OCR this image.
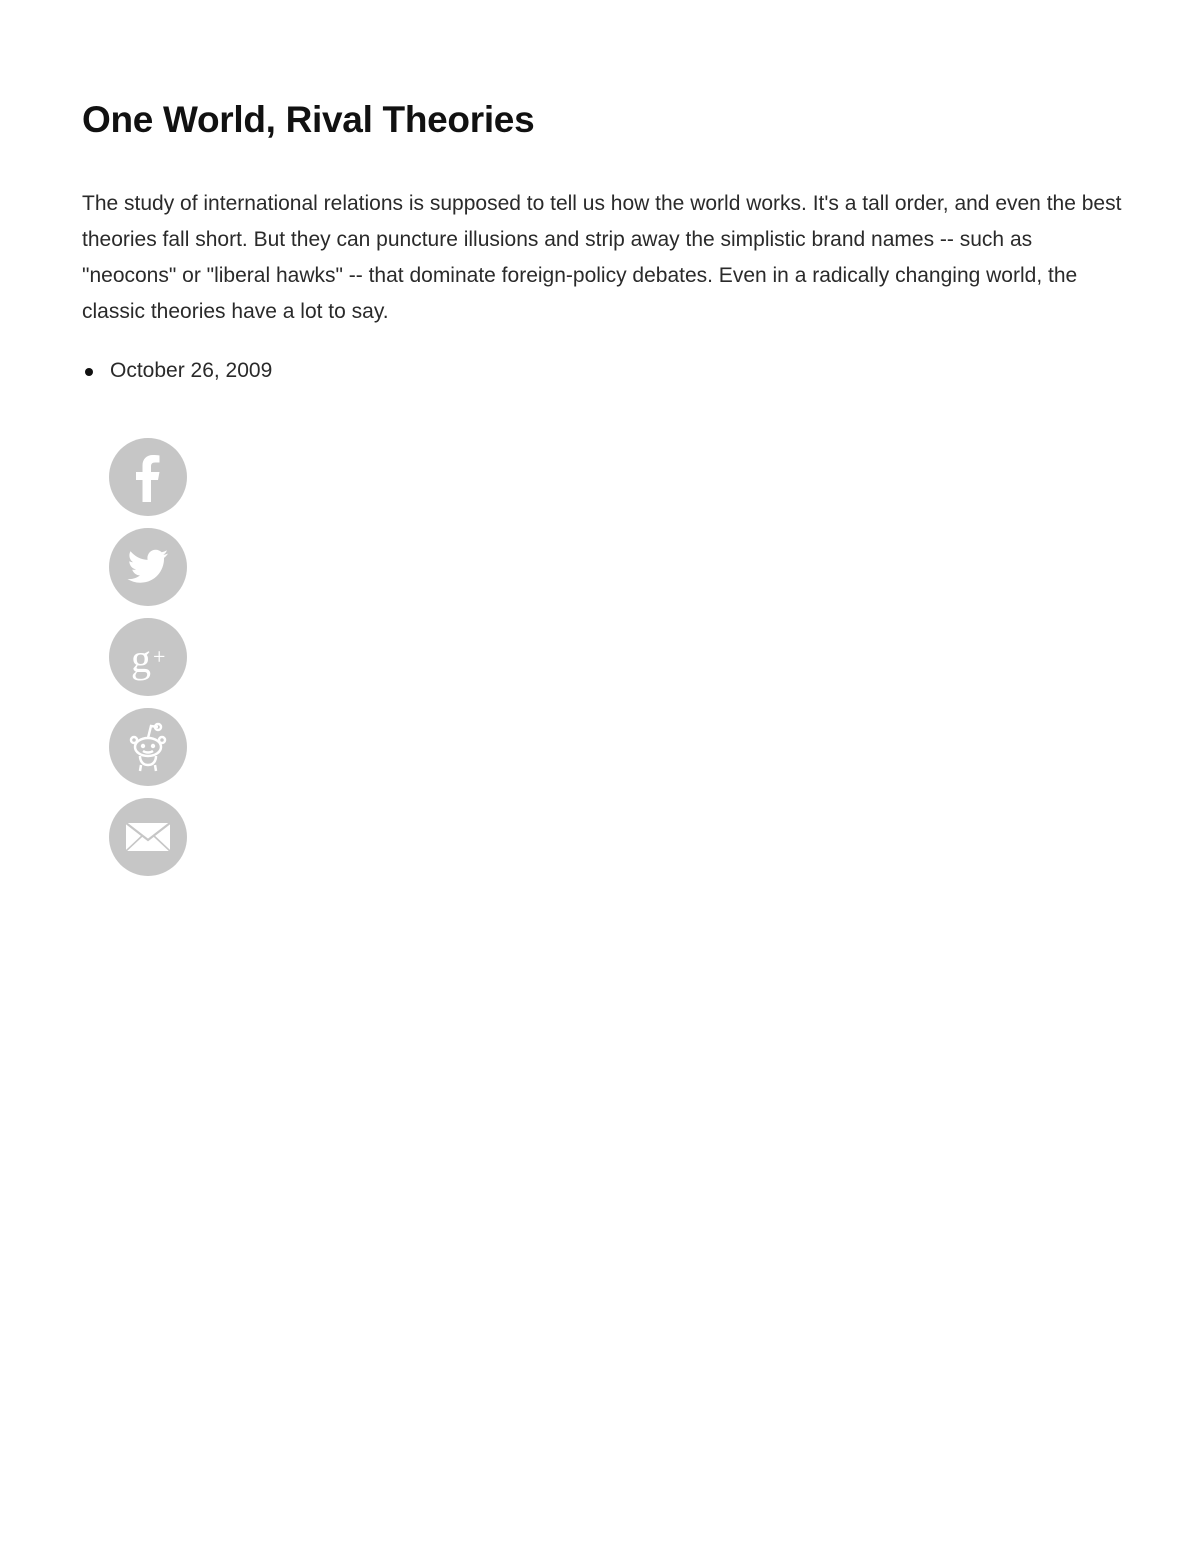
One World, Rival Theories

The study of international relations is supposed to tell us how the world works. It's a tall order, and even the best theories fall short. But they can puncture illusions and strip away the simplistic brand names -- such as "neocons" or "liberal hawks" -- that dominate foreign-policy debates. Even in a radically changing world, the classic theories have a lot to say.

October 26, 2009
g +
